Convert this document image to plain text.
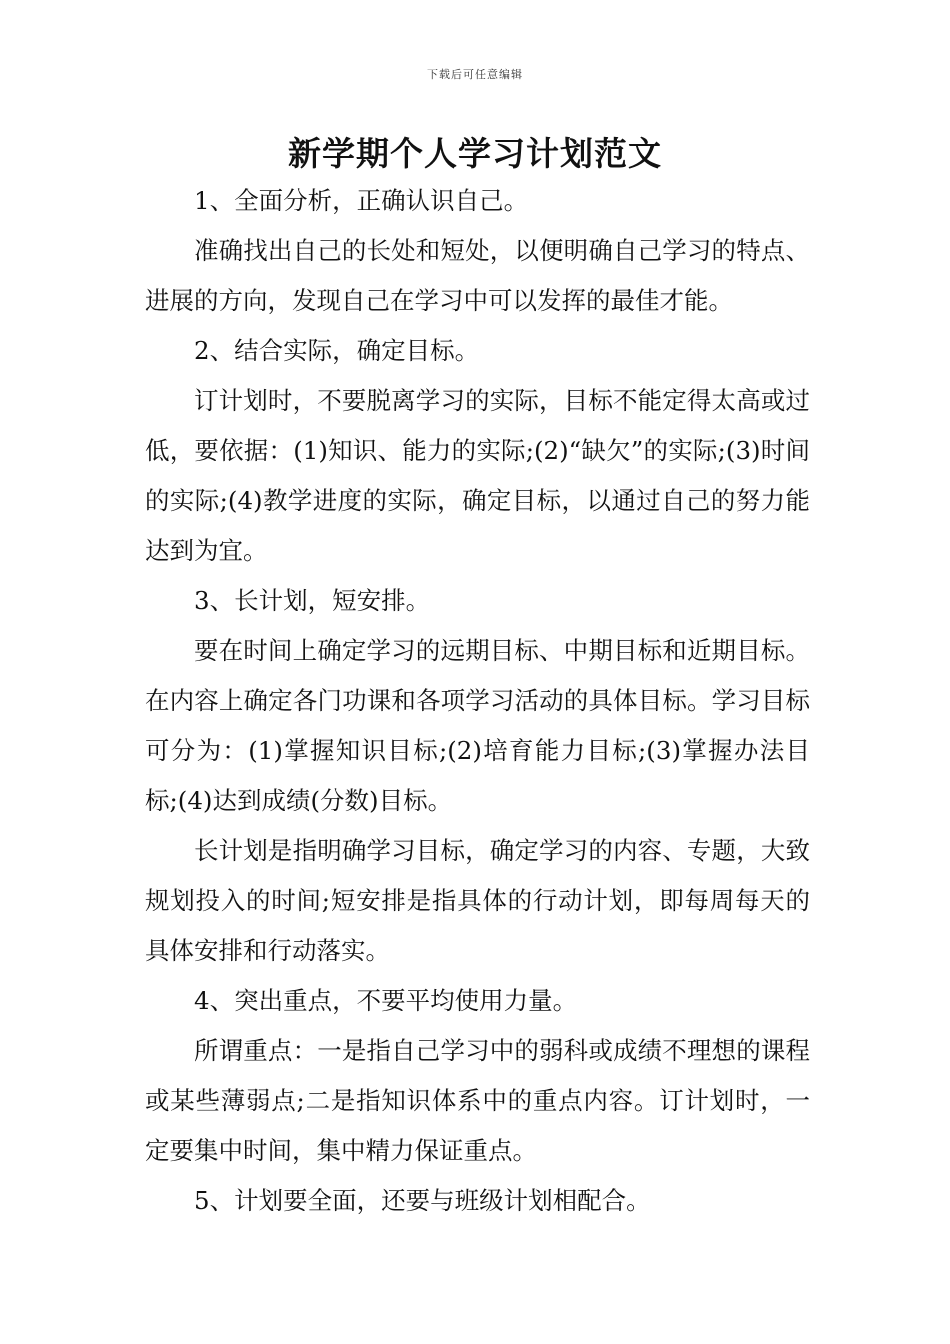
下载后可任意编辑
新学期个人学习计划范文

1、全面分析，正确认识自己。

准确找出自己的长处和短处，以便明确自己学习的特点、进展的方向，发现自己在学习中可以发挥的最佳才能。

2、结合实际，确定目标。

订计划时，不要脱离学习的实际，目标不能定得太高或过低，要依据：(1)知识、能力的实际;(2)“缺欠”的实际;(3)时间的实际;(4)教学进度的实际，确定目标，以通过自己的努力能达到为宜。

3、长计划，短安排。

要在时间上确定学习的远期目标、中期目标和近期目标。在内容上确定各门功课和各项学习活动的具体目标。学习目标可分为：(1)掌握知识目标;(2)培育能力目标;(3)掌握办法目标;(4)达到成绩(分数)目标。

长计划是指明确学习目标，确定学习的内容、专题，大致规划投入的时间;短安排是指具体的行动计划，即每周每天的具体安排和行动落实。

4、突出重点，不要平均使用力量。

所谓重点：一是指自己学习中的弱科或成绩不理想的课程或某些薄弱点;二是指知识体系中的重点内容。订计划时，一定要集中时间，集中精力保证重点。

5、计划要全面，还要与班级计划相配合。
